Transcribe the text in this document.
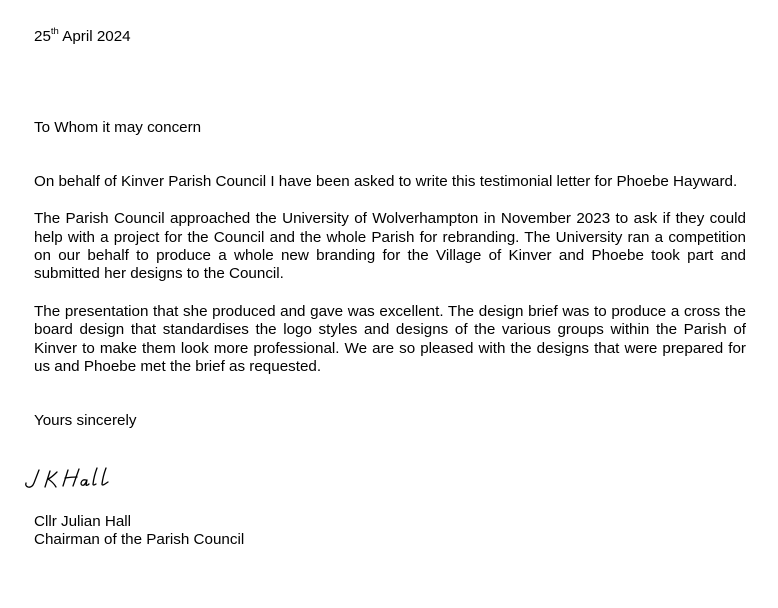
25th April 2024
To Whom it may concern

On behalf of Kinver Parish Council I have been asked to write this testimonial letter for Phoebe Hayward.

The Parish Council approached the University of Wolverhampton in November 2023 to ask if they could help with a project for the Council and the whole Parish for rebranding. The University ran a competition on our behalf to produce a whole new branding for the Village of Kinver and Phoebe took part and submitted her designs to the Council.

The presentation that she produced and gave was excellent. The design brief was to produce a cross the board design that standardises the logo styles and designs of the various groups within the Parish of Kinver to make them look more professional. We are so pleased with the designs that were prepared for us and Phoebe met the brief as requested.

Yours sincerely
Cllr Julian Hall
Chairman of the Parish Council
